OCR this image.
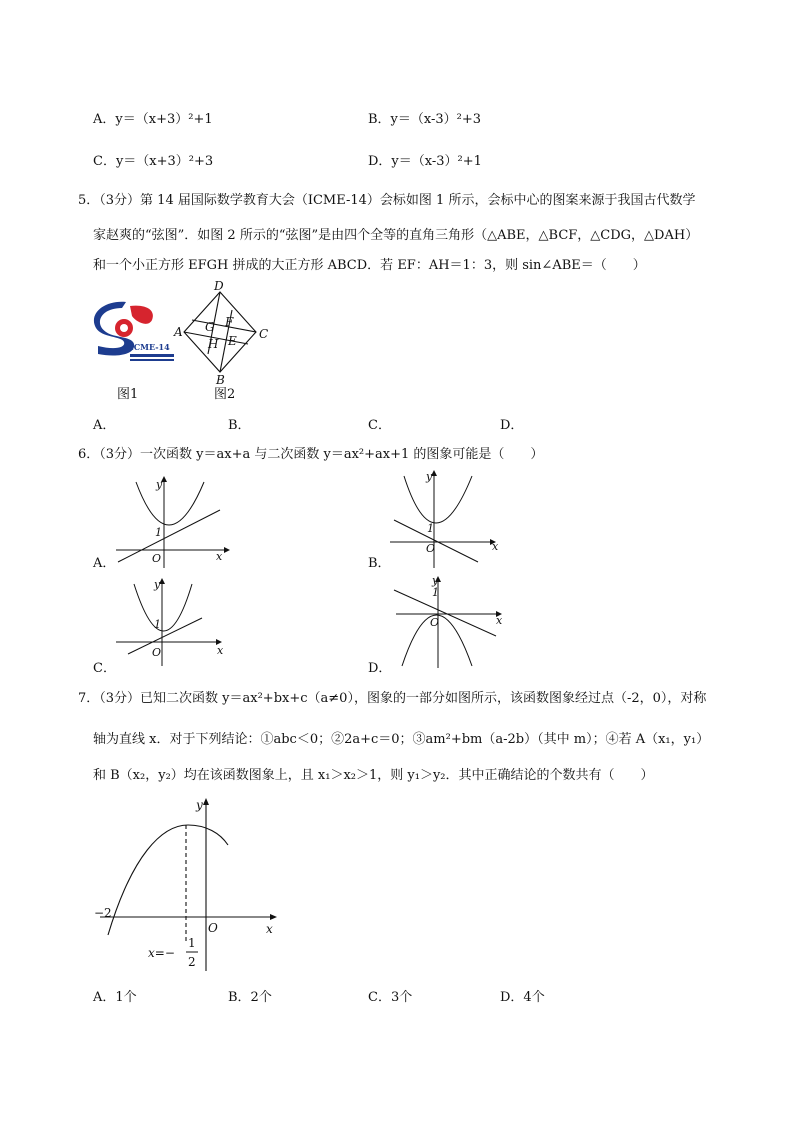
A．y＝（x+3）²+1	B．y＝（x-3）²+3
C．y＝（x+3）²+3	D．y＝（x-3）²+1
5．（3分）第 14 届国际数学教育大会（ICME-14）会标如图 1 所示，会标中心的图案来源于我国古代数学
家赵爽的“弦图”．如图 2 所示的“弦图”是由四个全等的直角三角形（△ABE，△BCF，△CDG，△DAH）
和一个小正方形 EFGH 拼成的大正方形 ABCD．若 EF：AH＝1：3，则 sin∠ABE＝（　　）
ICME-14
图1
D
A	C
B
G F
E
H
图2
A．	B．	C．	D．
6．（3分）一次函数 y＝ax+a 与二次函数 y＝ax²+ax+1 的图象可能是（　　）
y
x
O
1
A．
y
x
O
1
B．
y
x
O
1
C．
y
x
O
1
D．
7．（3分）已知二次函数 y＝ax²+bx+c（a≠0），图象的一部分如图所示，该函数图象经过点（-2，0），对称
轴为直线 x．对于下列结论：①abc＜0；②2a+c＝0；③am²+bm（a-2b）（其中 m）；④若 A（x₁，y₁）
和 B（x₂，y₂）均在该函数图象上，且 x₁＞x₂＞1，则 y₁＞y₂．其中正确结论的个数共有（　　）
y
x
O
−2
x=−
1
2
A．1个	B．2个	C．3个	D．4个
